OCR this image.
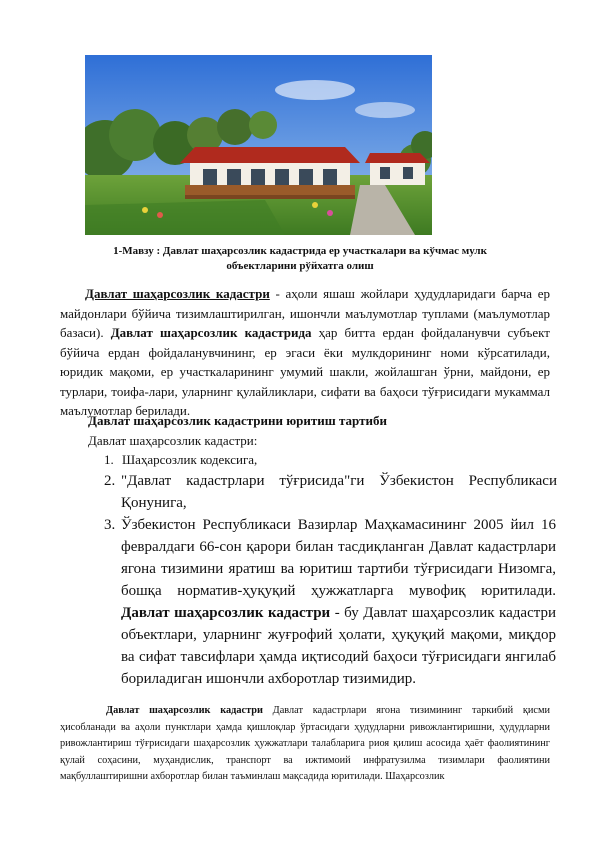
1-Мавзу : Давлат шаҳарсозлик кадастрида ер участкалари ва кўчмас мулк объектларини рўйхатга олиш
Давлат шаҳарсозлик кадастри - аҳоли яшаш жойлари ҳудудларидаги барча ер майдонлари бўйича тизимлаштирилган, ишончли маълумотлар туплами (маълумотлар базаси). Давлат шаҳарсозлик кадастрида ҳар битта ердан фойдаланувчи субъект бўйича ердан фойдаланувчининг, ер эгаси ёки мулкдорининг номи кўрсатилади, юридик мақоми, ер участкаларининг умумий шакли, жойлашган ўрни, майдони, ер турлари, тоифа-лари, уларнинг қулайликлари, сифати ва баҳоси тўғрисидаги мукаммал маълумотлар берилади.
Давлат шаҳарсозлик кадастрини юритиш тартиби
Давлат шаҳарсозлик кадастри:
1. Шаҳарсозлик кодексига,
2. "Давлат кадастрлари тўғрисида"ги Ўзбекистон Республикаси Қонунига,
3. Ўзбекистон Республикаси Вазирлар Маҳкамасининг 2005 йил 16 февралдаги 66-сон қарори билан тасдиқланган Давлат кадастрлари ягона тизимини яратиш ва юритиш тартиби тўғрисидаги Низомга, бошқа норматив-ҳуқуқий ҳужжатларга мувофиқ юритилади. Давлат шаҳарсозлик кадастри - бу Давлат шаҳарсозлик кадастри объектлари, уларнинг жуғрофий ҳолати, ҳуқуқий мақоми, миқдор ва сифат тавсифлари ҳамда иқтисодий баҳоси тўғрисидаги янгилаб бориладиган ишончли ахборотлар тизимидир.
Давлат шаҳарсозлик кадастри Давлат кадастрлари ягона тизимининг таркибий қисми ҳисобланади ва аҳоли пунктлари ҳамда қишлоқлар ўртасидаги ҳудудларни ривожлантиришни, ҳудудларни ривожлантириш тўғрисидаги шаҳарсозлик ҳужжатлари талабларига риоя қилиш асосида ҳаёт фаолиятининг қулай соҳасини, муҳандислик, транспорт ва ижтимоий инфратузилма тизимлари фаолиятини мақбуллаштиришни ахборотлар билан таъминлаш мақсадида юритилади. Шаҳарсозлик
